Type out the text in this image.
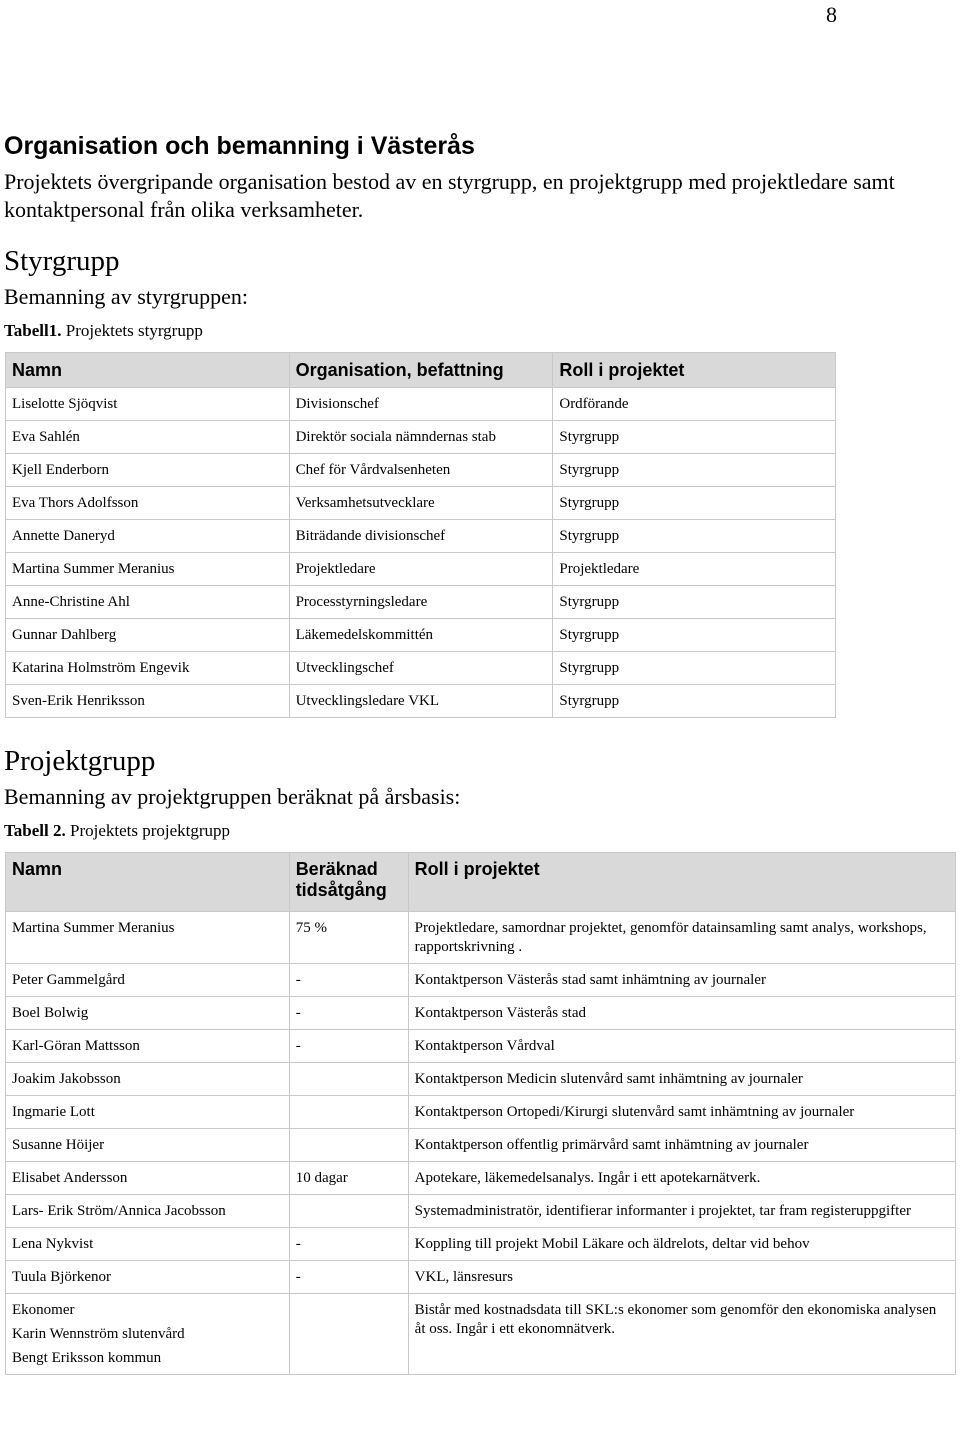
8
Organisation och bemanning i Västerås

Projektets övergripande organisation bestod av en styrgrupp, en projektgrupp med projektledare samt kontaktpersonal från olika verksamheter.

Styrgrupp

Bemanning av styrgruppen:

Tabell1. Projektets styrgrupp
Namn	Organisation, befattning	Roll i projektet
Liselotte Sjöqvist	Divisionschef	Ordförande
Eva Sahlén	Direktör sociala nämndernas stab	Styrgrupp
Kjell Enderborn	Chef för Vårdvalsenheten	Styrgrupp
Eva Thors Adolfsson	Verksamhetsutvecklare	Styrgrupp
Annette Daneryd	Biträdande divisionschef	Styrgrupp
Martina Summer Meranius	Projektledare	Projektledare
Anne-Christine Ahl	Processtyrningsledare	Styrgrupp
Gunnar Dahlberg	Läkemedelskommittén	Styrgrupp
Katarina Holmström Engevik	Utvecklingschef	Styrgrupp
Sven-Erik Henriksson	Utvecklingsledare VKL	Styrgrupp
Projektgrupp

Bemanning av projektgruppen beräknat på årsbasis:

Tabell 2. Projektets projektgrupp
Namn	Beräknad tidsåtgång	Roll i projektet

Martina Summer Meranius	75 %	Projektledare, samordnar projektet, genomför datainsamling samt analys, workshops, rapportskrivning .

Peter Gammelgård	-	Kontaktperson Västerås stad samt inhämtning av journaler

Boel Bolwig	-	Kontaktperson Västerås stad

Karl-Göran Mattsson	-	Kontaktperson Vårdval

Joakim Jakobsson		Kontaktperson Medicin slutenvård samt inhämtning av journaler

Ingmarie Lott		Kontaktperson Ortopedi/Kirurgi slutenvård samt inhämtning av journaler

Susanne Höijer		Kontaktperson offentlig primärvård samt inhämtning av journaler

Elisabet Andersson	10 dagar	Apotekare, läkemedelsanalys. Ingår i ett apotekarnätverk.

Lars- Erik Ström/Annica Jacobsson		Systemadministratör, identifierar informanter i projektet, tar fram registeruppgifter

Lena Nykvist	-	Koppling till projekt Mobil Läkare och äldrelots, deltar vid behov

Tuula Björkenor	-	VKL, länsresurs

Ekonomer
Karin Wennström slutenvård
Bengt Eriksson kommun		Bistår med kostnadsdata till SKL:s ekonomer som genomför den ekonomiska analysen åt oss. Ingår i ett ekonomnätverk.
